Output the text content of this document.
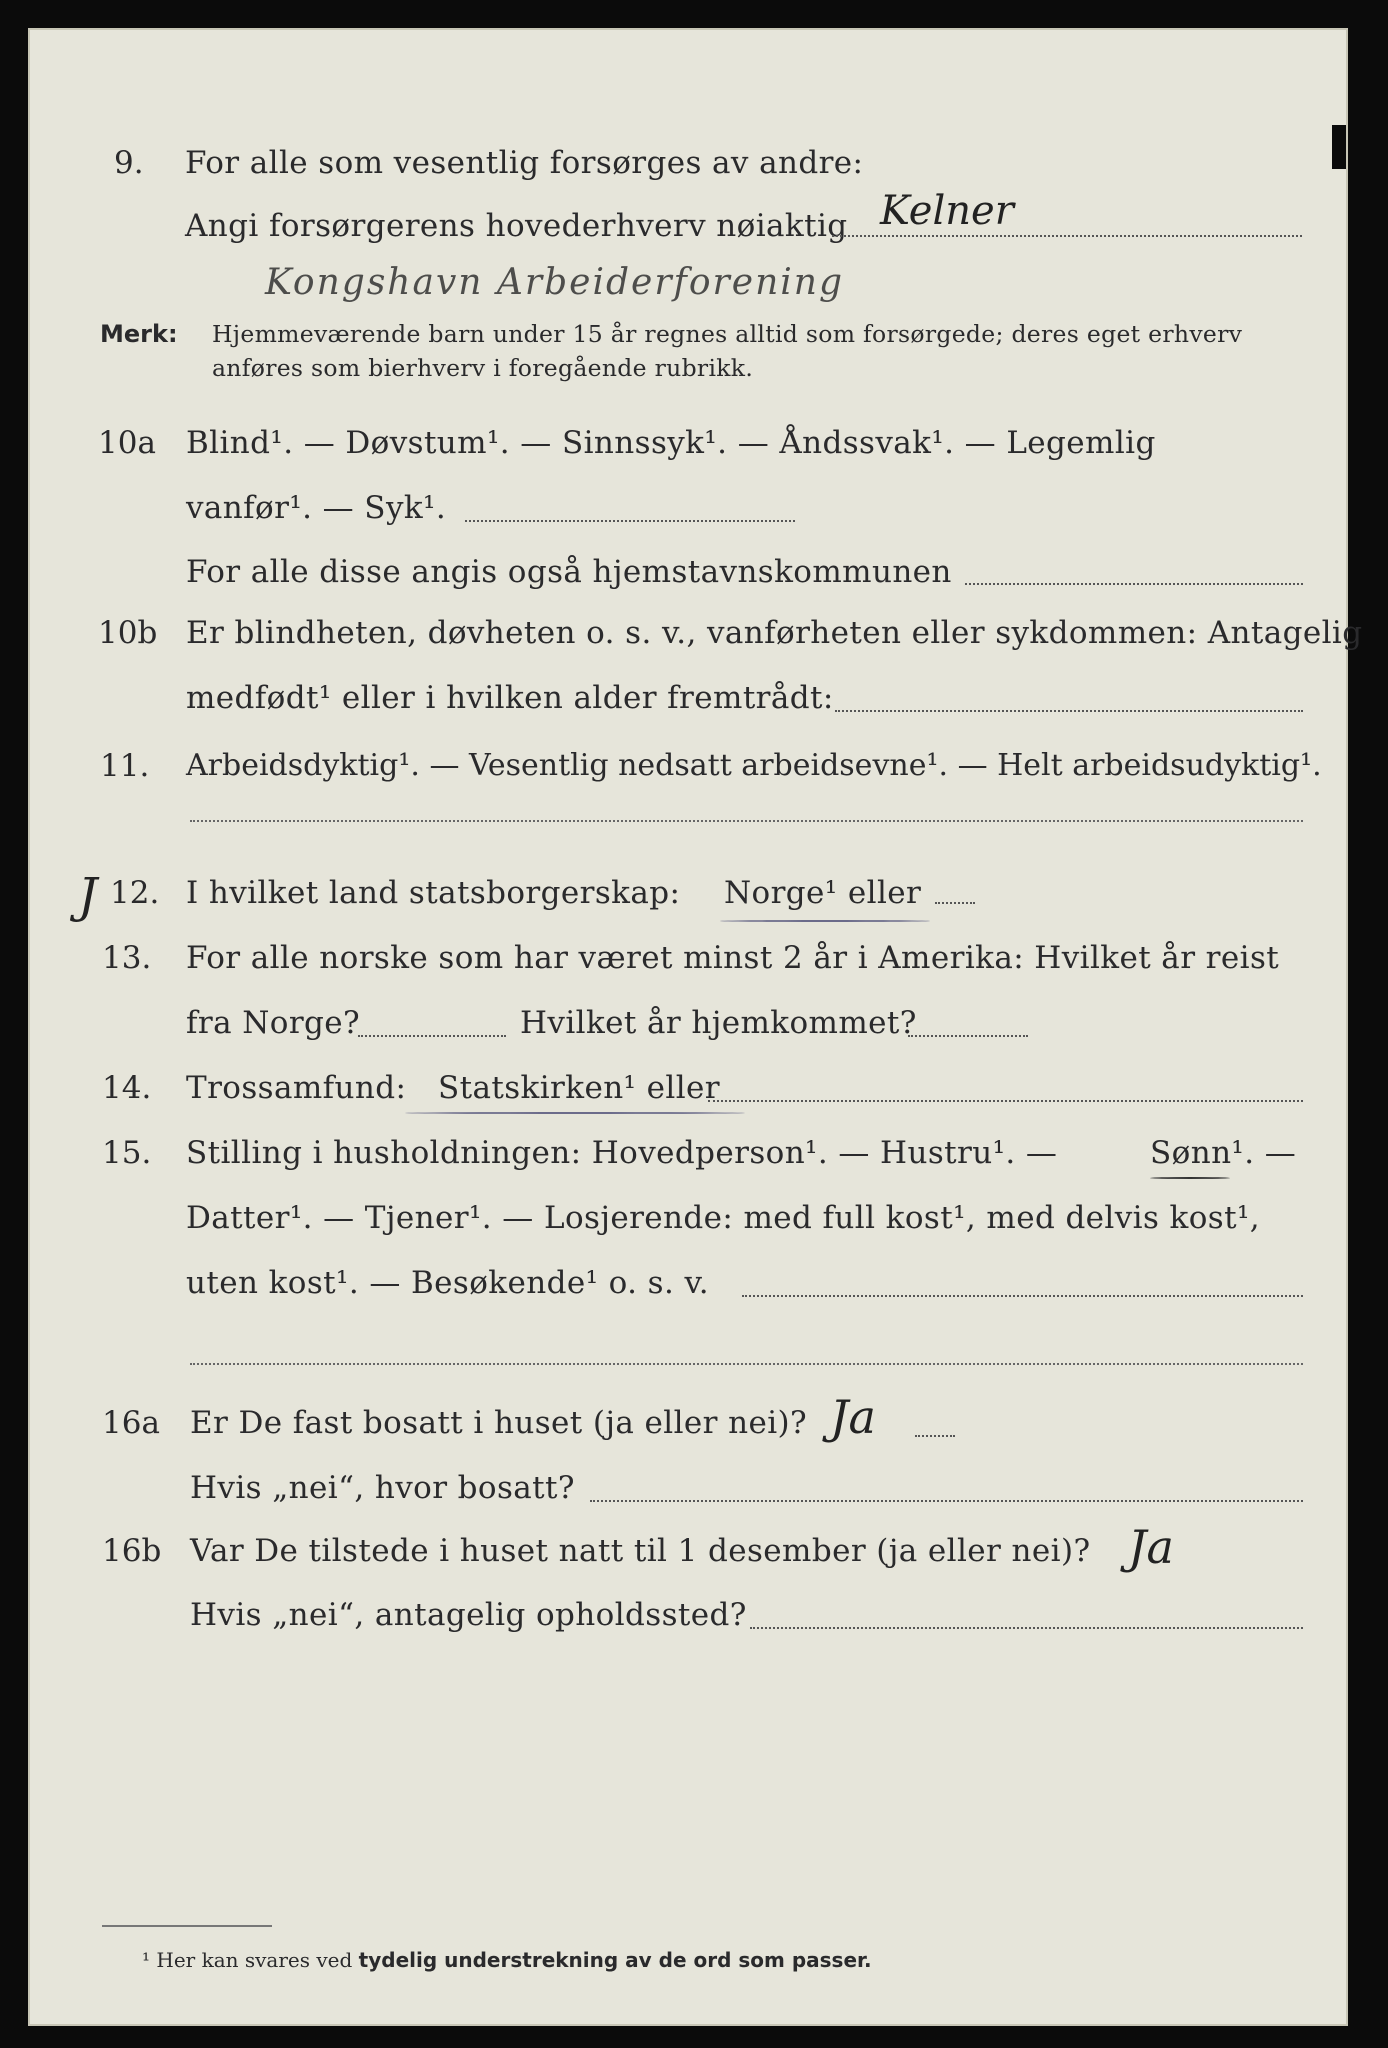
9. For alle som vesentlig forsørges av andre:
Angi forsørgerens hovederhverv nøiaktig Kelner
Kongshavn Arbeiderforening
Merk: Hjemmeværende barn under 15 år regnes alltid som forsørgede; deres eget erhverv
anføres som bierhverv i foregående rubrikk.
10a Blind¹. — Døvstum¹. — Sinnssyk¹. — Åndssvak¹. — Legemlig
vanfør¹. — Syk¹.
For alle disse angis også hjemstavnskommunen
10b Er blindheten, døvheten o. s. v., vanførheten eller sykdommen: Antagelig
medfødt¹ eller i hvilken alder fremtrådt:
11. Arbeidsdyktig¹. — Vesentlig nedsatt arbeidsevne¹. — Helt arbeidsudyktig¹.
J 12. I hvilket land statsborgerskap: Norge¹ eller
13. For alle norske som har været minst 2 år i Amerika: Hvilket år reist
fra Norge?	Hvilket år hjemkommet?
14. Trossamfund: Statskirken¹ eller
15. Stilling i husholdningen: Hovedperson¹. — Hustru¹. —	Sønn¹. —
Datter¹. — Tjener¹. — Losjerende: med full kost¹, med delvis kost¹,
uten kost¹. — Besøkende¹ o. s. v.
16a Er De fast bosatt i huset (ja eller nei)? Ja
Hvis „nei“, hvor bosatt?
16b Var De tilstede i huset natt til 1 desember (ja eller nei)? Ja
Hvis „nei“, antagelig opholdssted?
¹ Her kan svares ved tydelig understrekning av de ord som passer.
